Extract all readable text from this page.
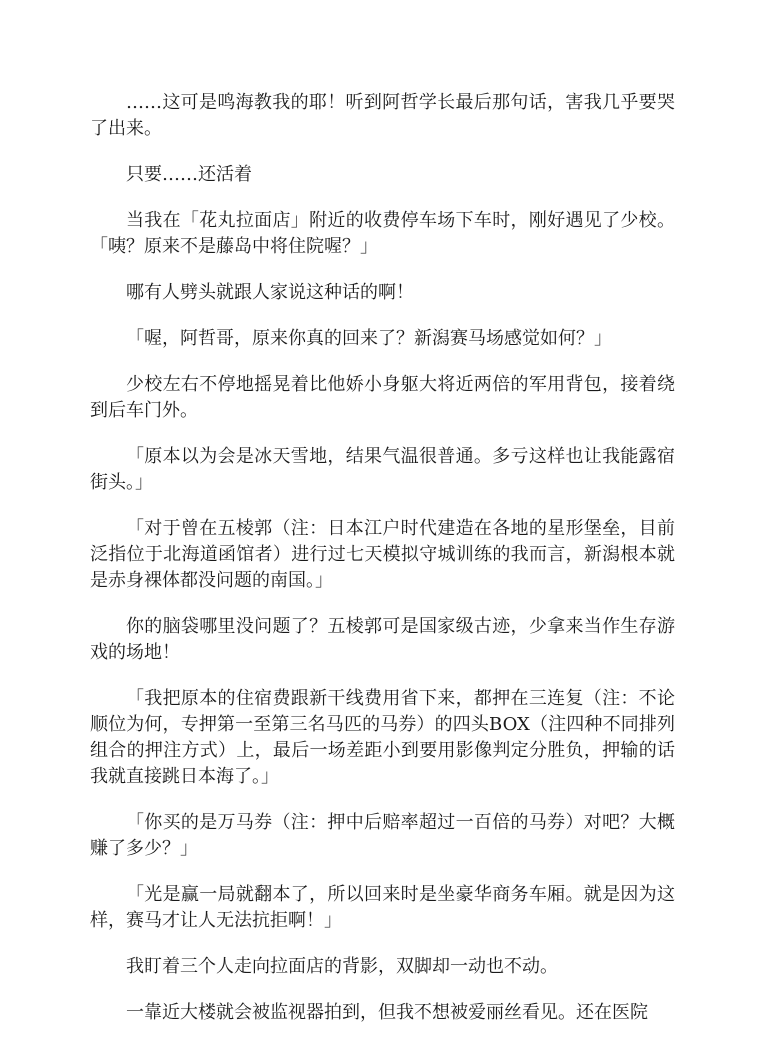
……这可是鸣海教我的耶！听到阿哲学长最后那句话，害我几乎要哭了出来。

只要……还活着

当我在「花丸拉面店」附近的收费停车场下车时，刚好遇见了少校。「咦？原来不是藤岛中将住院喔？」

哪有人劈头就跟人家说这种话的啊！

「喔，阿哲哥，原来你真的回来了？新潟赛马场感觉如何？」

少校左右不停地摇晃着比他娇小身躯大将近两倍的军用背包，接着绕到后车门外。

「原本以为会是冰天雪地，结果气温很普通。多亏这样也让我能露宿街头。」

「对于曾在五棱郭（注：日本江户时代建造在各地的星形堡垒，目前泛指位于北海道函馆者）进行过七天模拟守城训练的我而言，新潟根本就是赤身裸体都没问题的南国。」

你的脑袋哪里没问题了？五棱郭可是国家级古迹，少拿来当作生存游戏的场地！

「我把原本的住宿费跟新干线费用省下来，都押在三连复（注：不论顺位为何，专押第一至第三名马匹的马券）的四头BOX（注四种不同排列组合的押注方式）上，最后一场差距小到要用影像判定分胜负，押输的话我就直接跳日本海了。」

「你买的是万马券（注：押中后赔率超过一百倍的马券）对吧？大概赚了多少？」

「光是赢一局就翻本了，所以回来时是坐豪华商务车厢。就是因为这样，赛马才让人无法抗拒啊！」

我盯着三个人走向拉面店的背影，双脚却一动也不动。

一靠近大楼就会被监视器拍到，但我不想被爱丽丝看见。还在医院
